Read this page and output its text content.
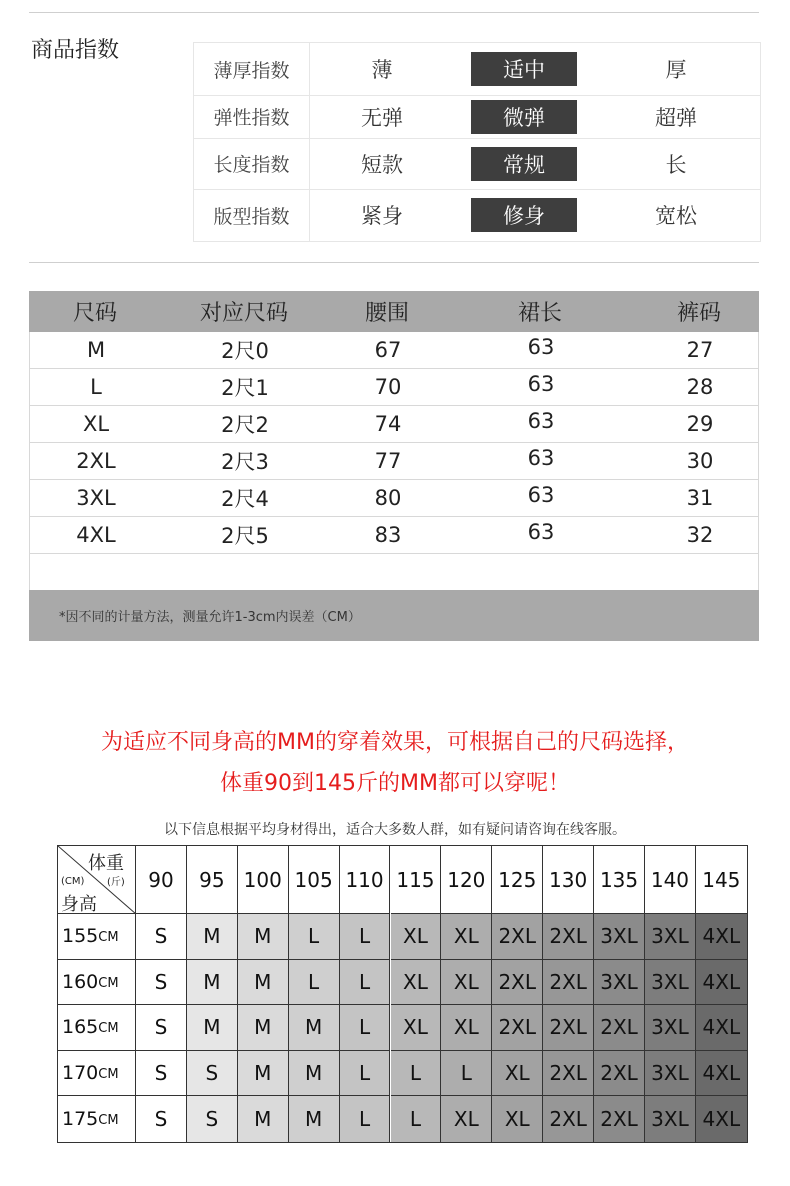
商品指数
薄厚指数	薄	适中	厚
弹性指数	无弹	微弹	超弹
长度指数	短款	常规	长
版型指数	紧身	修身	宽松
尺码	对应尺码	腰围	裙长	裤码
*因不同的计量方法，测量允许1-3cm内误差（CM）
M	2尺0	67	63	27
L	2尺1	70	63	28
XL	2尺2	74	63	29
2XL	2尺3	77	63	30
3XL	2尺4	80	63	31
4XL	2尺5	83	63	32
为适应不同身高的MM的穿着效果，可根据自己的尺码选择，
体重90到145斤的MM都可以穿呢！
以下信息根据平均身材得出，适合大多数人群，如有疑问请咨询在线客服。
体重
(斤)
(CM)
身高
90	95 100 105 110 115 120 125 130 135 140 145
155 CM	S	M	M	L	L	XL	XL 2XL 2XL 3XL 3XL 4XL
160 CM	S	M	M	L	L	XL	XL 2XL 2XL 3XL 3XL 4XL
165 CM	S	M	M	M	L	XL	XL 2XL 2XL 2XL 3XL 4XL
170 CM	S	S	M	M	L	L	L	XL 2XL 2XL 3XL 4XL
175 CM	S	S	M	M	L	L	XL	XL 2XL 2XL 3XL 4XL
